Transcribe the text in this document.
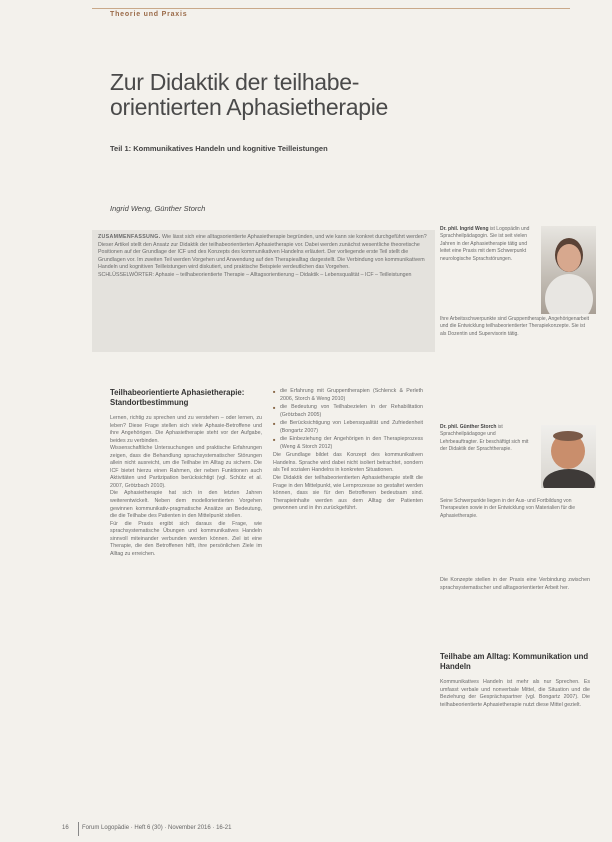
Theorie und Praxis
Zur Didaktik der teilhabe-orientierten Aphasietherapie
Teil 1: Kommunikatives Handeln und kognitive Teilleistungen
Ingrid Weng, Günther Storch
ZUSAMMENFASSUNG. Wie lässt sich eine alltagsorientierte Aphasietherapie begründen, und wie kann sie konkret durchgeführt werden? Dieser Artikel stellt den Ansatz zur Didaktik der teilhabeorientierten Aphasietherapie vor. Dabei werden zunächst wesentliche theoretische Positionen auf der Grundlage der ICF und des Konzepts des kommunikativen Handelns erläutert. Der vorliegende erste Teil stellt die Grundlagen vor. Im zweiten Teil werden Vorgehen und Anwendung auf den Therapiealltag dargestellt. Die Verbindung von kommunikativem Handeln und kognitiven Teilleistungen wird diskutiert, und praktische Beispiele verdeutlichen das Vorgehen.
SCHLÜSSELWÖRTER: Aphasie – teilhabeorientierte Therapie – Alltagsorientierung – Didaktik – Lebensqualität – ICF – Teilleistungen
Teilhabeorientierte Aphasietherapie: Standortbestimmung

Lernen, richtig zu sprechen und zu verstehen – oder lernen, zu leben? Diese Frage stellen sich viele Aphasie-Betroffene und ihre Angehörigen. Die Aphasietherapie steht vor der Aufgabe, beides zu verbinden.

Wissenschaftliche Untersuchungen und praktische Erfahrungen zeigen, dass die Behandlung sprachsystematischer Störungen allein nicht ausreicht, um die Teilhabe im Alltag zu sichern. Die ICF bietet hierzu einen Rahmen, der neben Funktionen auch Aktivitäten und Partizipation berücksichtigt (vgl. Schütz et al. 2007, Grötzbach 2010).

Die Aphasietherapie hat sich in den letzten Jahren weiterentwickelt. Neben dem modellorientierten Vorgehen gewinnen kommunikativ-pragmatische Ansätze an Bedeutung, die die Teilhabe des Patienten in den Mittelpunkt stellen.

Für die Praxis ergibt sich daraus die Frage, wie sprachsystematische Übungen und kommunikatives Handeln sinnvoll miteinander verbunden werden können. Ziel ist eine Therapie, die den Betroffenen hilft, ihre persönlichen Ziele im Alltag zu erreichen.

■ die Erfahrung mit Gruppentherapien (Schlenck & Perleth 2006, Storch & Weng 2010)
■ die Bedeutung von Teilhabezielen in der Rehabilitation (Grötzbach 2005)
■ die Berücksichtigung von Lebensqualität und Zufriedenheit (Bongartz 2007)
■ die Einbeziehung der Angehörigen in den Therapieprozess (Weng & Storch 2012)

Die Grundlage bildet das Konzept des kommunikativen Handelns. Sprache wird dabei nicht isoliert betrachtet, sondern als Teil sozialen Handelns in konkreten Situationen.

Die Didaktik der teilhabeorientierten Aphasietherapie stellt die Frage in den Mittelpunkt, wie Lernprozesse so gestaltet werden können, dass sie für den Betroffenen bedeutsam sind. Therapieinhalte werden aus dem Alltag der Patienten gewonnen und in ihn zurückgeführt.

Dr. phil. Ingrid Weng ist Logopädin und Sprachheilpädagogin. Sie ist seit vielen Jahren in der Aphasietherapie tätig und leitet eine Praxis mit dem Schwerpunkt neurologische Sprachstörungen.
Ihre Arbeitsschwerpunkte sind Gruppentherapie, Angehörigenarbeit und die Entwicklung teilhabeorientierter Therapiekonzepte. Sie ist als Dozentin und Supervisorin tätig.
Dr. phil. Günther Storch ist Sprachheilpädagoge und Lehrbeauftragter. Er beschäftigt sich mit der Didaktik der Sprachtherapie.
Seine Schwerpunkte liegen in der Aus- und Fortbildung von Therapeuten sowie in der Entwicklung von Materialien für die Aphasietherapie.
Die Konzepte stellen in der Praxis eine Verbindung zwischen sprachsystematischer und alltagsorientierter Arbeit her.
Teilhabe am Alltag: Kommunikation und Handeln

Kommunikatives Handeln ist mehr als nur Sprechen. Es umfasst verbale und nonverbale Mittel, die Situation und die Beziehung der Gesprächspartner (vgl. Bongartz 2007). Die teilhabeorientierte Aphasietherapie nutzt diese Mittel gezielt.

16 Forum Logopädie · Heft 6 (30) · November 2016 · 16-21
